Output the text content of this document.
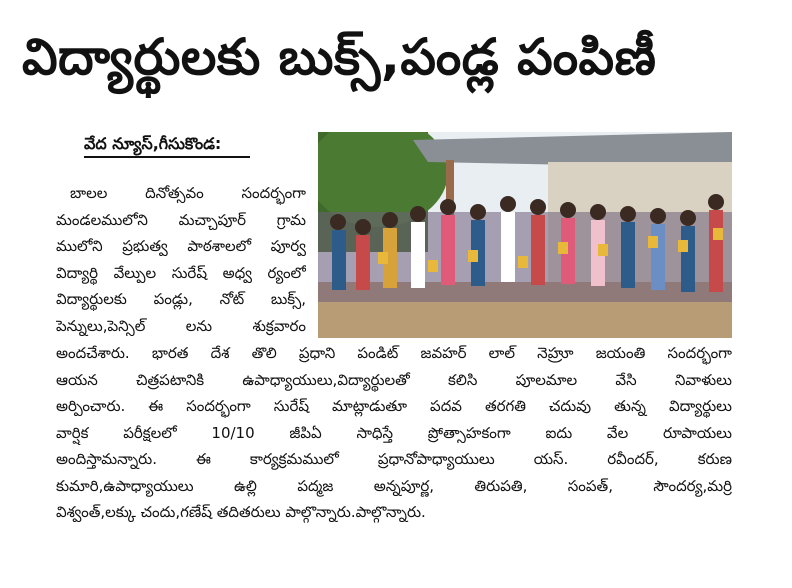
విద్యార్థులకు బుక్స్,పండ్ల పంపిణీ
వేద న్యూస్,గీసుకొండ:
బాలల దినోత్సవం సందర్భంగా
మండలములోని మచ్చాపూర్ గ్రామ
ములోని ప్రభుత్వ పాఠశాలలో పూర్వ
విద్యార్థి వేల్పుల సురేష్ అధ్వ ర్యంలో
విద్యార్థులకు పండ్లు, నోట్ బుక్స్,
పెన్నులు,పెన్సిల్ లను శుక్రవారం
అందచేశారు. భారత దేశ తొలి ప్రధాని పండిట్ జవహర్ లాల్ నెహ్రూ జయంతి సందర్భంగా
ఆయన చిత్రపటానికి ఉపాధ్యాయులు,విద్యార్థులతో కలిసి పూలమాల వేసి నివాళులు
అర్పించారు. ఈ సందర్భంగా సురేష్ మాట్లాడుతూ పదవ తరగతి చదువు తున్న విద్యార్థులు
వార్షిక పరీక్షలలో 10/10 జీపిఏ సాధిస్తే ప్రోత్సాహకంగా ఐదు వేల రూపాయలు
అందిస్తామన్నారు. ఈ కార్యక్రమములో ప్రధానోపాధ్యాయులు యస్. రవీందర్, కరుణ
కుమారి,ఉపాధ్యాయులు ఉల్లి పద్మజ అన్నపూర్ణ, తిరుపతి, సంపత్, సౌందర్య,మర్రి
విశ్వంత్,లక్కు చందు,గణేష్ తదితరులు పాల్గొన్నారు.పాల్గొన్నారు.
